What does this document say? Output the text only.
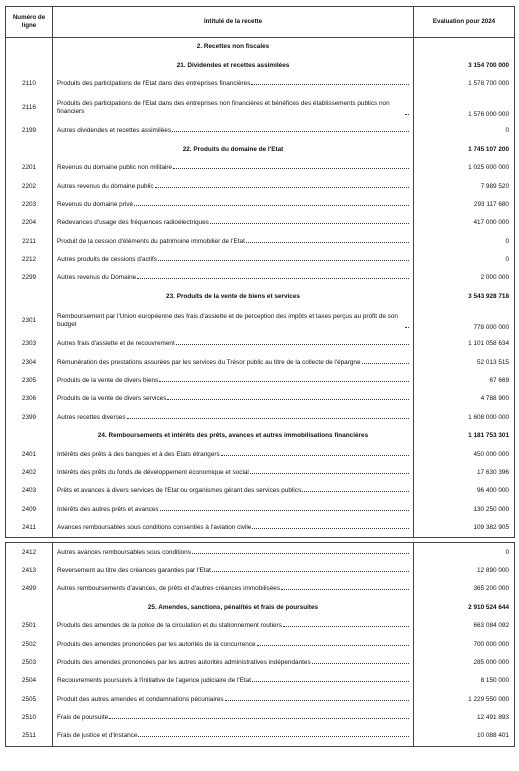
Numéro de ligne	Intitulé de la recette	Evaluation pour 2024
	2. Recettes non fiscales	
	21. Dividendes et recettes assimilées	3 154 700 000
2110	Produits des participations de l'Etat dans des entreprises financières	1 578 700 000
2116	Produits des participations de l'Etat dans des entreprises non financières et bénéfices des établissements publics non financiers	1 576 000 000
2199	Autres dividendes et recettes assimilées	0
	22. Produits du domaine de l'Etat	1 745 107 200
2201	Revenus du domaine public non militaire	1 025 000 000
2202	Autres revenus du domaine public	7 989 520
2203	Revenus du domaine privé	293 117 680
2204	Redevances d'usage des fréquences radioélectriques	417 000 000
2211	Produit de la cession d'éléments du patrimoine immobilier de l'Etat	0
2212	Autres produits de cessions d'actifs	0
2299	Autres revenus du Domaine	2 000 000
	23. Produits de la vente de biens et services	3 543 928 718
2301	Remboursement par l'Union européenne des frais d'assiette et de perception des impôts et taxes perçus au profit de son budget	778 000 000
2303	Autres frais d'assiette et de recouvrement	1 101 058 634
2304	Rémunération des prestations assurées par les services du Trésor public au titre de la collecte de l'épargne	52 013 515
2305	Produits de la vente de divers biens	67 669
2306	Produits de la vente de divers services	4 788 900
2399	Autres recettes diverses	1 608 000 000
	24. Remboursements et intérêts des prêts, avances et autres immobilisations financières	1 181 753 301
2401	Intérêts des prêts à des banques et à des Etats étrangers	450 000 000
2402	Intérêts des prêts du fonds de développement économique et social	17 630 396
2403	Prêts et avances à divers services de l'Etat ou organismes gérant des services publics	96 400 000
2409	Intérêts des autres prêts et avances	130 250 000
2411	Avances remboursables sous conditions consenties à l'aviation civile	109 382 905

2412	Autres avances remboursables sous conditions	0
2413	Reversement au titre des créances garanties par l'Etat	12 890 000
2499	Autres remboursements d'avances, de prêts et d'autres créances immobilisées	365 200 000
	25. Amendes, sanctions, pénalités et frais de poursuites	2 910 524 644
2501	Produits des amendes de la police de la circulation et du stationnement routiers	663 084 092
2502	Produits des amendes prononcées par les autorités de la concurrence	700 000 000
2503	Produits des amendes prononcées par les autres autorités administratives indépendantes	285 000 000
2504	Recouvrements poursuivis à l'initiative de l'agence judiciaire de l'Etat	8 150 000
2505	Produit des autres amendes et condamnations pécuniaires	1 229 550 000
2510	Frais de poursuite	12 491 893
2511	Frais de justice et d'instance	10 088 401
